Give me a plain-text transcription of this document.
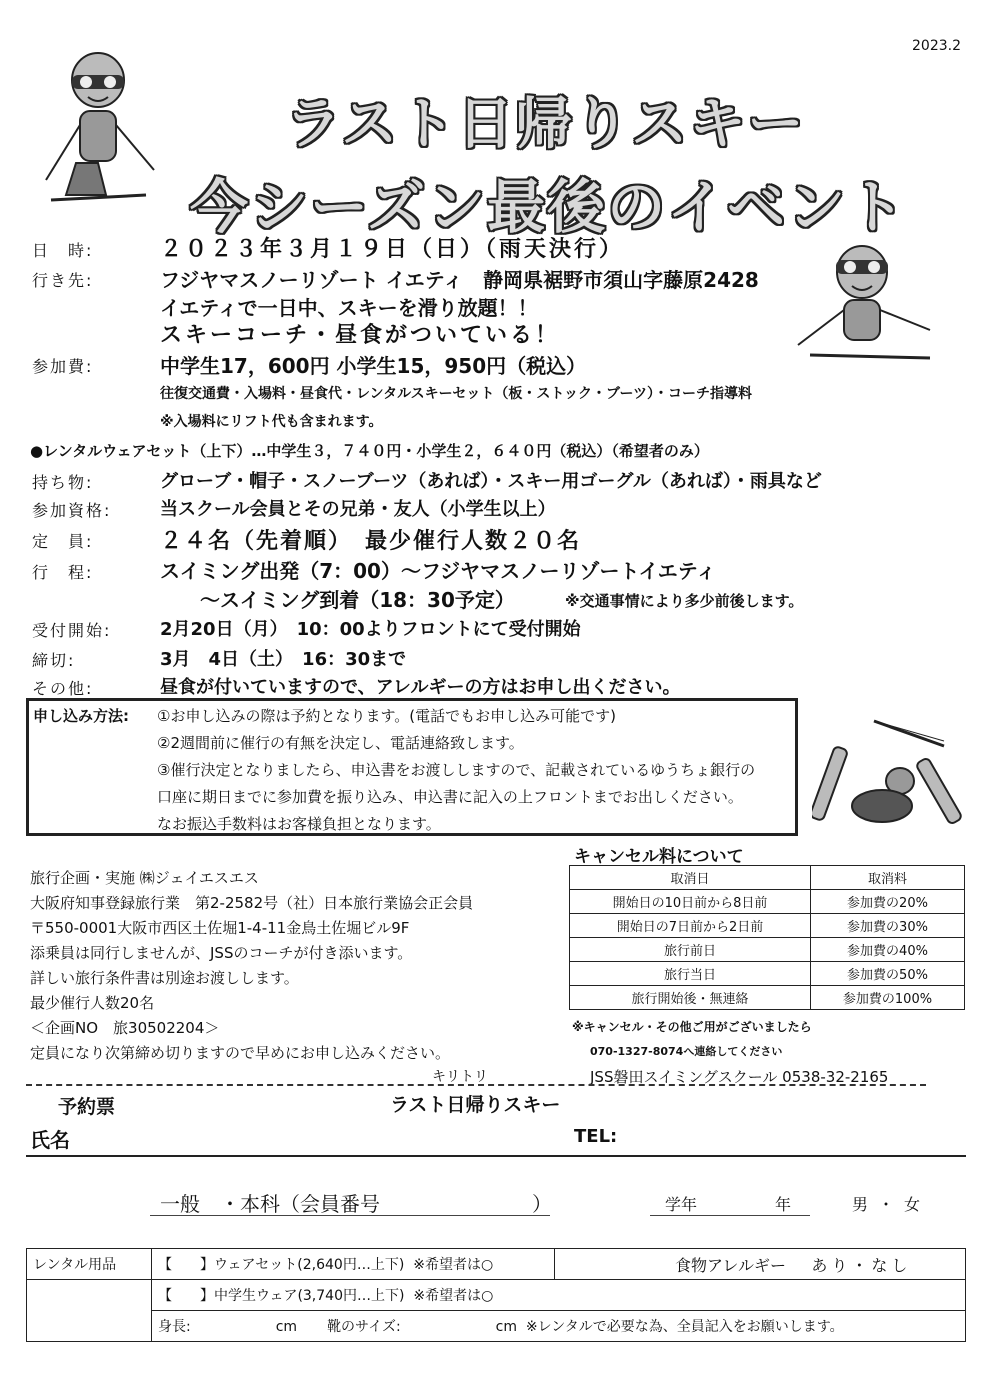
2023.2
ラスト日帰りスキー
今シーズン最後のイベント
日　時:	２０２３年３月１９日（日）（雨天決行）
行き先:	フジヤマスノーリゾート イエティ　静岡県裾野市須山字藤原2428
イエティで一日中、スキーを滑り放題！！
スキーコーチ・昼食がついている！
参加費:	中学生17，600円 小学生15，950円（税込）
往復交通費・入場料・昼食代・レンタルスキーセット（板・ストック・ブーツ）・コーチ指導料
※入場料にリフト代も含まれます。
●レンタルウェアセット（上下）…中学生３，７４０円・小学生２，６４０円（税込）（希望者のみ）
持ち物:	グローブ・帽子・スノーブーツ（あれば）・スキー用ゴーグル（あれば）・雨具など
参加資格:	当スクール会員とその兄弟・友人（小学生以上）
定　員:	２４名（先着順）　最少催行人数２０名
行　程:	スイミング出発（7：00）～フジヤマスノーリゾートイエティ
～スイミング到着（18：30予定）	※交通事情により多少前後します。
受付開始:	2月20日（月）　10：00よりフロントにて受付開始
締切:	3月　4日（土）　16：30まで
その他:	昼食が付いていますので、アレルギーの方はお申し出ください。
申し込み方法: ①お申し込みの際は予約となります。(電話でもお申し込み可能です)
②2週間前に催行の有無を決定し、電話連絡致します。
③催行決定となりましたら、申込書をお渡ししますので、記載されているゆうちょ銀行の
口座に期日までに参加費を振り込み、申込書に記入の上フロントまでお出しください。
なお振込手数料はお客様負担となります。
旅行企画・実施 ㈱ジェイエスエス
大阪府知事登録旅行業　第2-2582号（社）日本旅行業協会正会員
〒550-0001大阪市西区土佐堀1-4-11金鳥土佐堀ビル9F
添乗員は同行しませんが、JSSのコーチが付き添います。
詳しい旅行条件書は別途お渡しします。
最少催行人数20名
＜企画NO　旅30502204＞
定員になり次第締め切りますので早めにお申し込みください。
キャンセル料について
取消日	取消料
開始日の10日前から8日前	参加費の20%
開始日の7日前から2日前	参加費の30%
旅行前日	参加費の40%
旅行当日	参加費の50%
旅行開始後・無連絡	参加費の100%
※キャンセル・その他ご用がございましたら
070-1327-8074へ連絡してください
キリトリ	JSS磐田スイミングスクール 0538-32-2165
予約票	ラスト日帰りスキー
氏名	TEL:
一般　・本科（会員番号	）	学年	年	男・女
レンタル用品	【　　】ウェアセット(2,640円…上下) ※希望者は○	食物アレルギー あり・なし
	【　　】中学生ウェア(3,740円…上下) ※希望者は○	
	身長: cm 靴のサイズ: cm ※レンタルで必要な為、全員記入をお願いします。	
